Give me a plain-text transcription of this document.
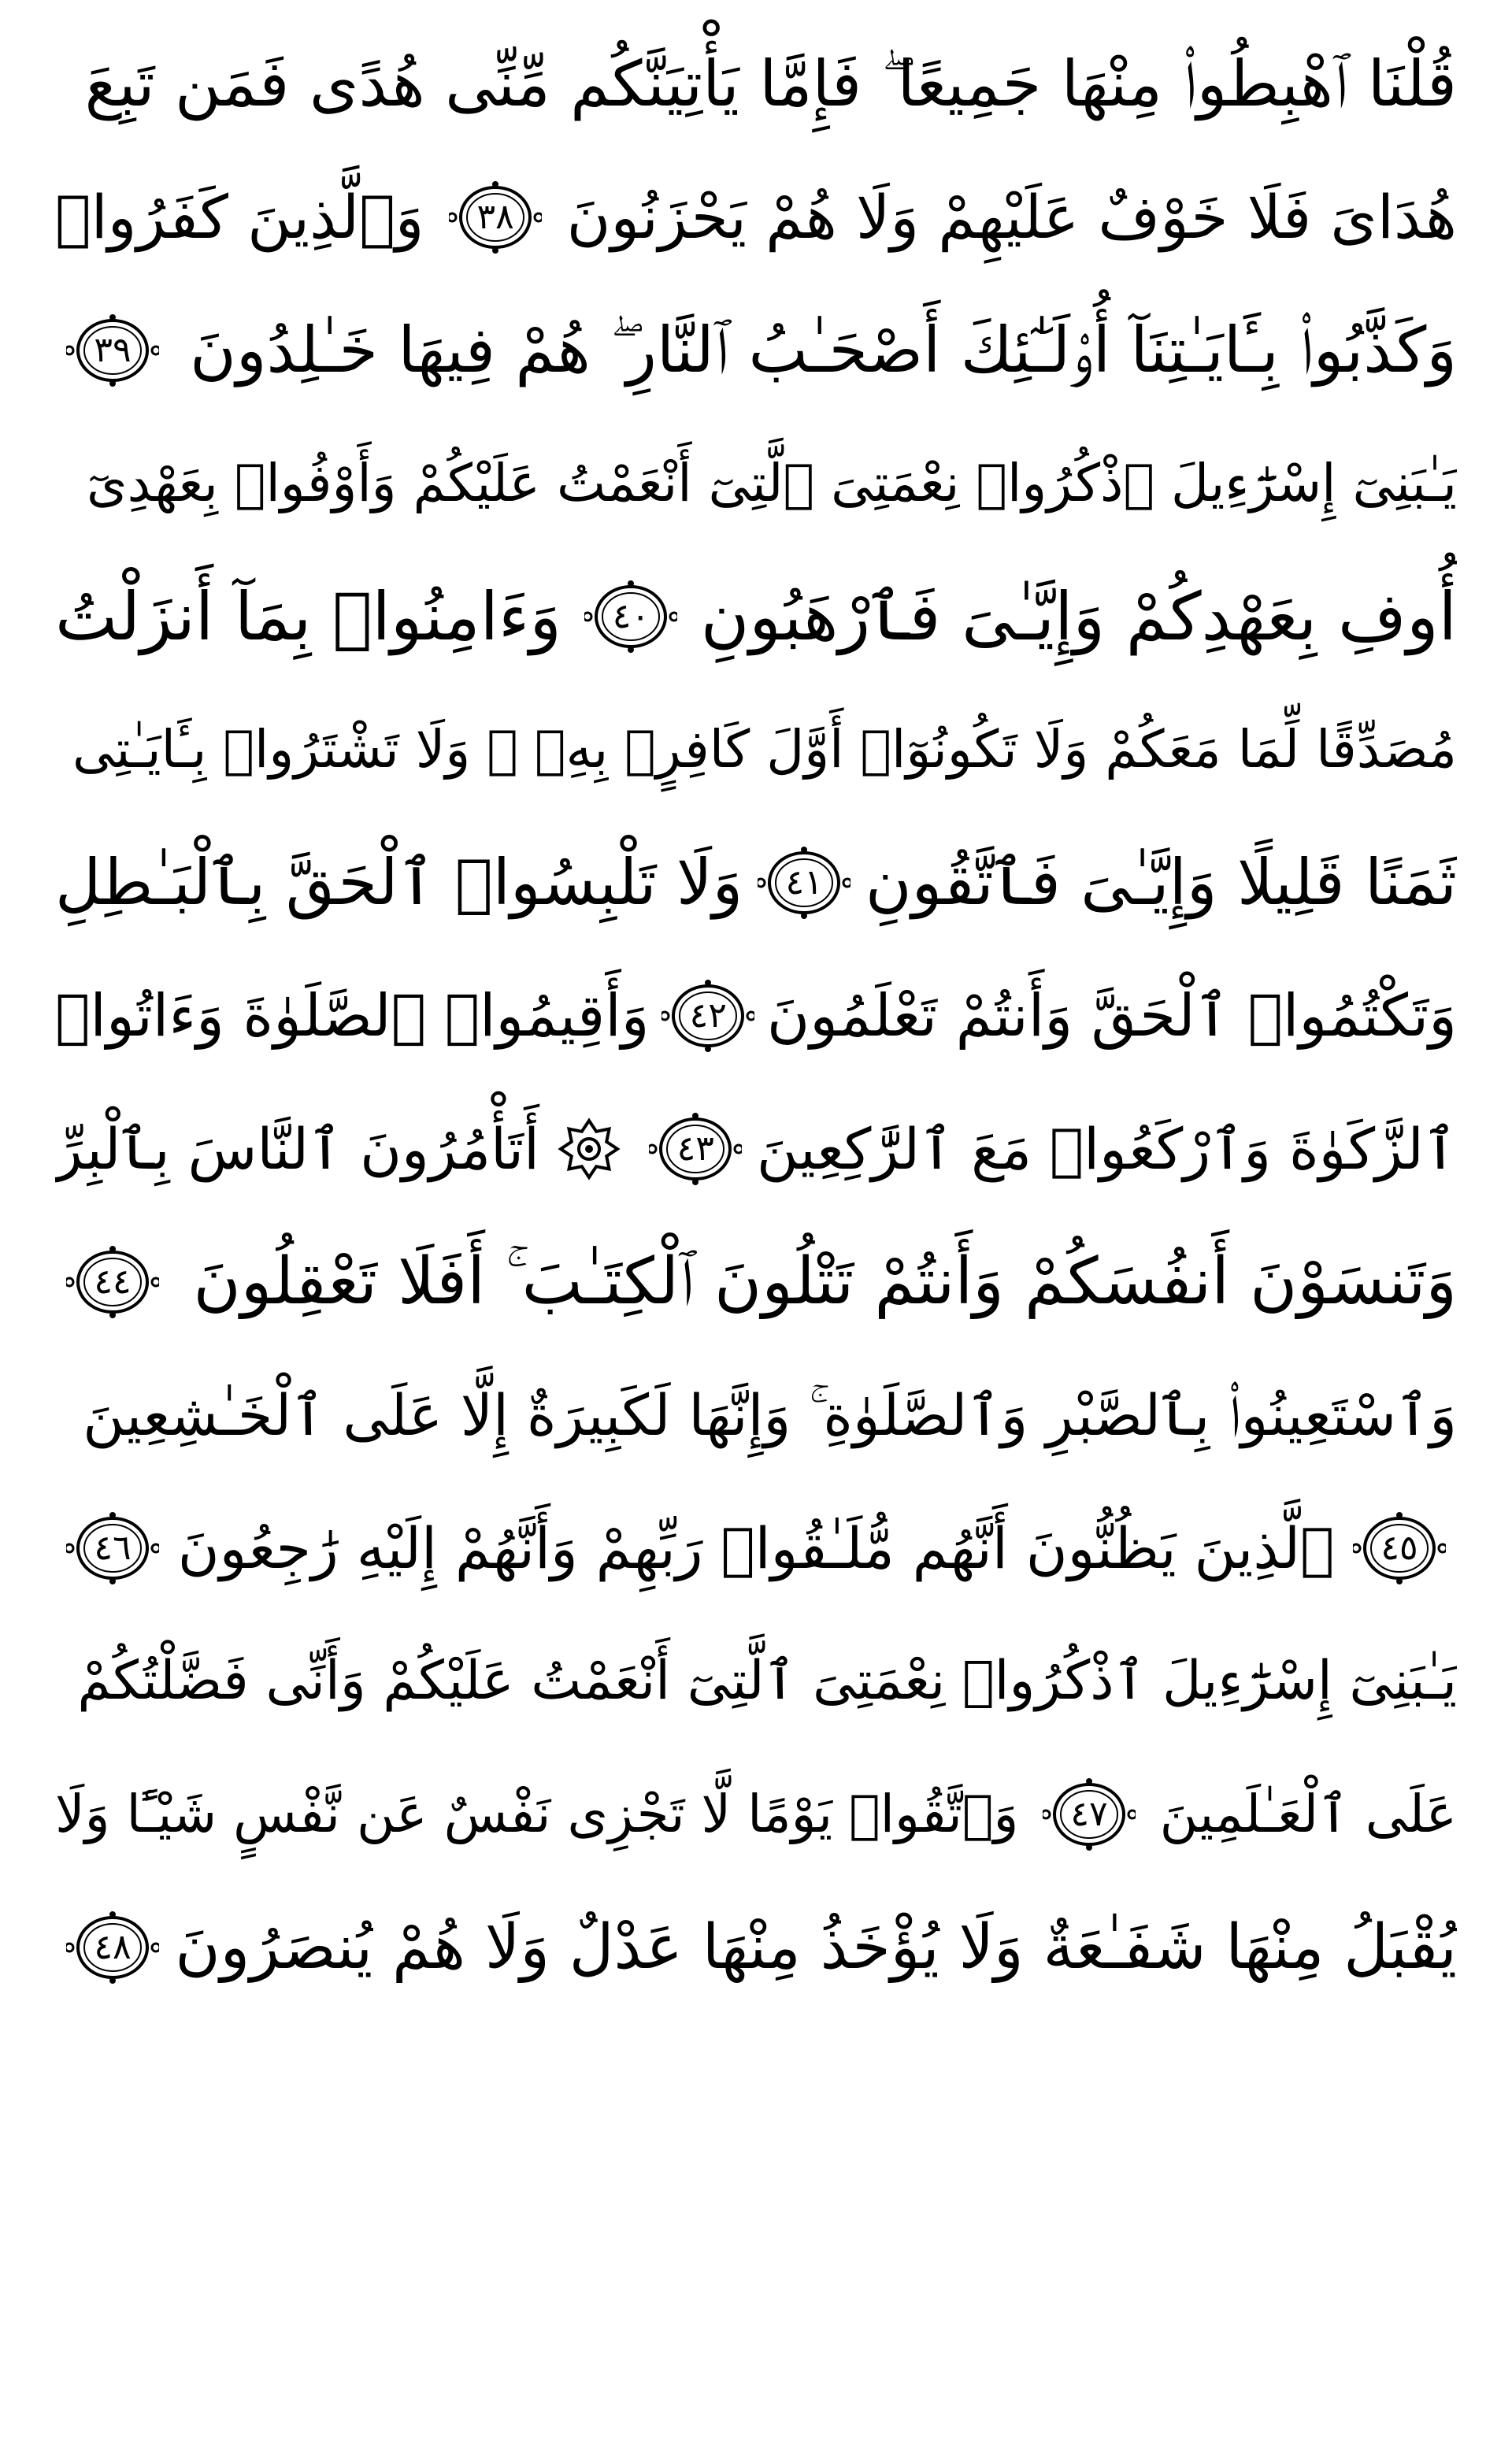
قُلْنَا ٱهْبِطُوا۟ مِنْهَا جَمِيعًا ۖ فَإِمَّا يَأْتِيَنَّكُم مِّنِّى هُدًى فَمَن تَبِعَ
هُدَاىَ فَلَا خَوْفٌ عَلَيْهِمْ وَلَا هُمْ يَحْزَنُونَ
٣٨
وَٱلَّذِينَ كَفَرُوا۟
وَكَذَّبُوا۟ بِـَٔايَـٰتِنَآ أُو۟لَـٰٓئِكَ أَصْحَـٰبُ ٱلنَّارِ ۖ هُمْ فِيهَا خَـٰلِدُونَ
٣٩
يَـٰبَنِىٓ إِسْرَٰٓءِيلَ ٱذْكُرُوا۟ نِعْمَتِىَ ٱلَّتِىٓ أَنْعَمْتُ عَلَيْكُمْ وَأَوْفُوا۟ بِعَهْدِىٓ
أُوفِ بِعَهْدِكُمْ وَإِيَّـٰىَ فَٱرْهَبُونِ
٤٠
وَءَامِنُوا۟ بِمَآ أَنزَلْتُ
مُصَدِّقًا لِّمَا مَعَكُمْ وَلَا تَكُونُوٓا۟ أَوَّلَ كَافِرٍۭ بِهِۦ ۖ وَلَا تَشْتَرُوا۟ بِـَٔايَـٰتِى
ثَمَنًا قَلِيلًا وَإِيَّـٰىَ فَٱتَّقُونِ
٤١
وَلَا تَلْبِسُوا۟ ٱلْحَقَّ بِٱلْبَـٰطِلِ
وَتَكْتُمُوا۟ ٱلْحَقَّ وَأَنتُمْ تَعْلَمُونَ
٤٢
وَأَقِيمُوا۟ ٱلصَّلَوٰةَ وَءَاتُوا۟
ٱلزَّكَوٰةَ وَٱرْكَعُوا۟ مَعَ ٱلرَّٰكِعِينَ
٤٣
أَتَأْمُرُونَ ٱلنَّاسَ بِٱلْبِرِّ
وَتَنسَوْنَ أَنفُسَكُمْ وَأَنتُمْ تَتْلُونَ ٱلْكِتَـٰبَ ۚ أَفَلَا تَعْقِلُونَ
٤٤
وَٱسْتَعِينُوا۟ بِٱلصَّبْرِ وَٱلصَّلَوٰةِ ۚ وَإِنَّهَا لَكَبِيرَةٌ إِلَّا عَلَى ٱلْخَـٰشِعِينَ
٤٥
ٱلَّذِينَ يَظُنُّونَ أَنَّهُم مُّلَـٰقُوا۟ رَبِّهِمْ وَأَنَّهُمْ إِلَيْهِ رَٰجِعُونَ
٤٦
يَـٰبَنِىٓ إِسْرَٰٓءِيلَ ٱذْكُرُوا۟ نِعْمَتِىَ ٱلَّتِىٓ أَنْعَمْتُ عَلَيْكُمْ وَأَنِّى فَضَّلْتُكُمْ
عَلَى ٱلْعَـٰلَمِينَ
٤٧
وَٱتَّقُوا۟ يَوْمًا لَّا تَجْزِى نَفْسٌ عَن نَّفْسٍ شَيْـًٔا وَلَا
يُقْبَلُ مِنْهَا شَفَـٰعَةٌ وَلَا يُؤْخَذُ مِنْهَا عَدْلٌ وَلَا هُمْ يُنصَرُونَ
٤٨
